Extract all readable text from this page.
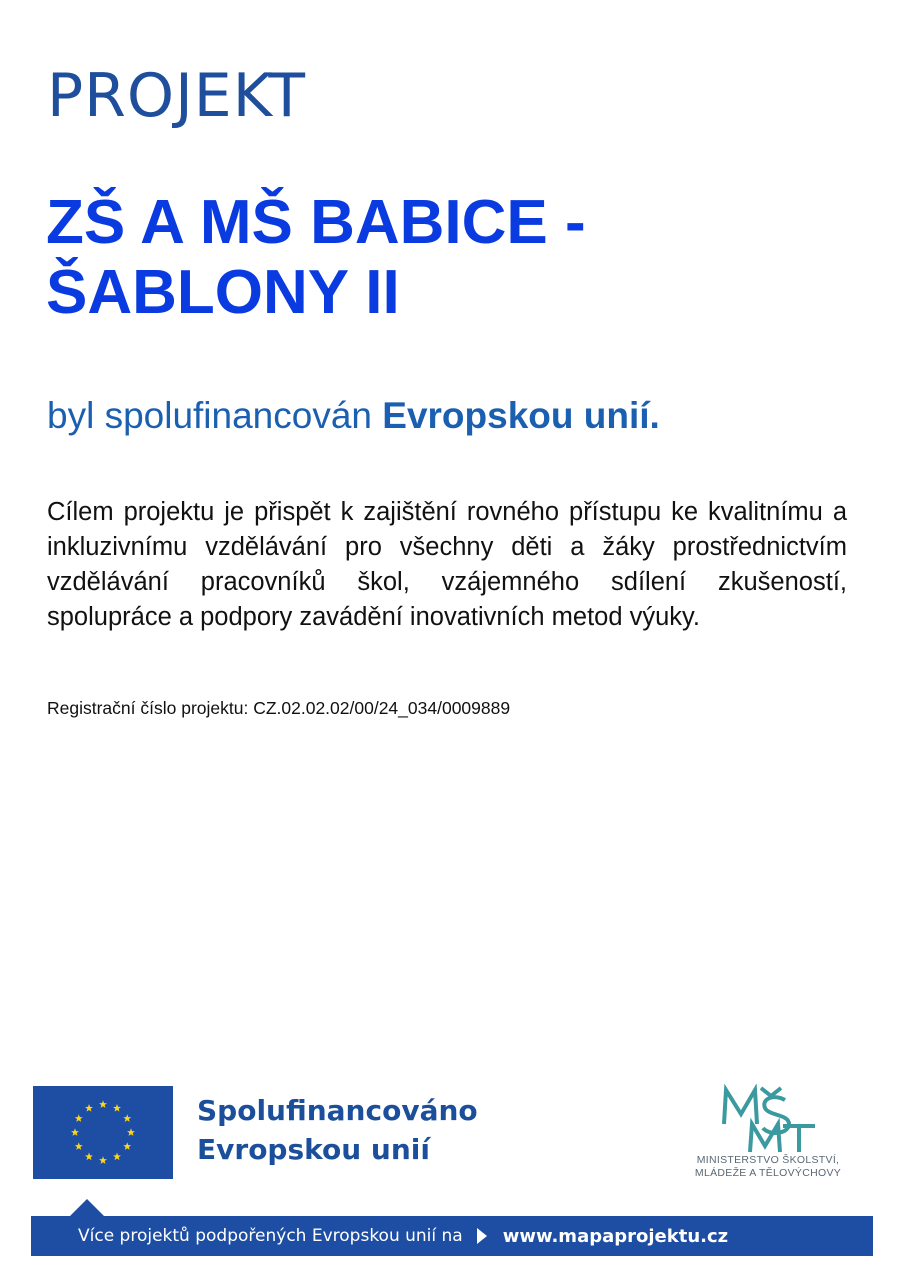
PROJEKT
ZŠ A MŠ BABICE - ŠABLONY II
byl spolufinancován Evropskou unií.

Cílem projektu je přispět k zajištění rovného přístupu ke kvalitnímu a inkluzivnímu vzdělávání pro všechny děti a žáky prostřednictvím vzdělávání pracovníků škol, vzájemného sdílení zkušeností, spolupráce a podpory zavádění inovativních metod výuky.

Registrační číslo projektu: CZ.02.02.02/00/24_034/0009889
Spolufinancováno
Evropskou unií	MINISTERSTVO ŠKOLSTVÍ,
MLÁDEŽE A TĚLOVÝCHOVY
Více projektů podpořených Evropskou unií na www.mapaprojektu.cz
